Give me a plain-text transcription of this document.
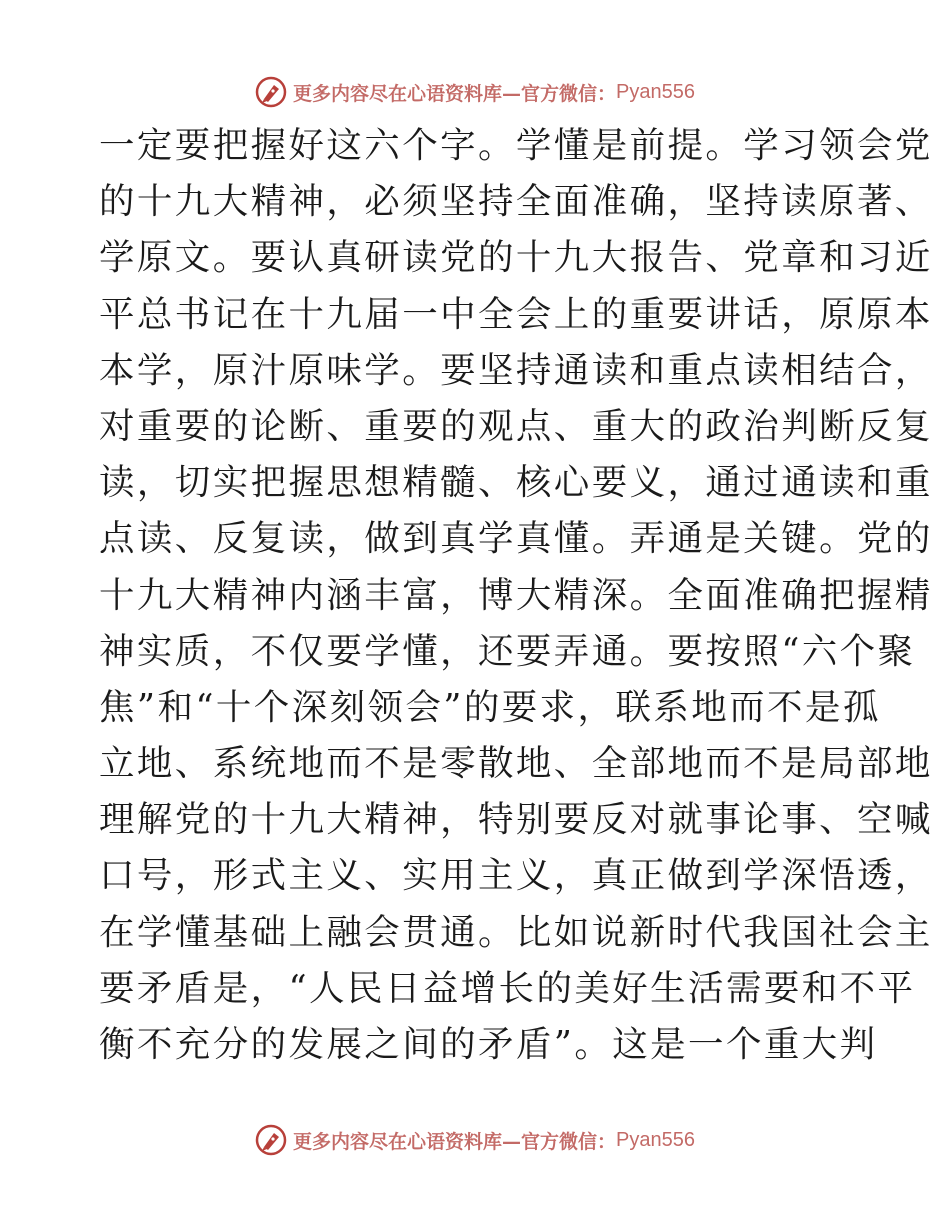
更多内容尽在心语资料库—官方微信： Pyan556
一定要把握好这六个字。学懂是前提。学习领会党
的十九大精神，必须坚持全面准确，坚持读原著、
学原文。要认真研读党的十九大报告、党章和习近
平总书记在十九届一中全会上的重要讲话，原原本
本学，原汁原味学。要坚持通读和重点读相结合，
对重要的论断、重要的观点、重大的政治判断反复
读，切实把握思想精髓、核心要义，通过通读和重
点读、反复读，做到真学真懂。弄通是关键。党的
十九大精神内涵丰富，博大精深。全面准确把握精
神实质，不仅要学懂，还要弄通。要按照“六个聚
焦”和“十个深刻领会”的要求，联系地而不是孤
立地、系统地而不是零散地、全部地而不是局部地
理解党的十九大精神，特别要反对就事论事、空喊
口号，形式主义、实用主义，真正做到学深悟透，
在学懂基础上融会贯通。比如说新时代我国社会主
要矛盾是，“人民日益增长的美好生活需要和不平
衡不充分的发展之间的矛盾”。这是一个重大判
更多内容尽在心语资料库—官方微信： Pyan556
